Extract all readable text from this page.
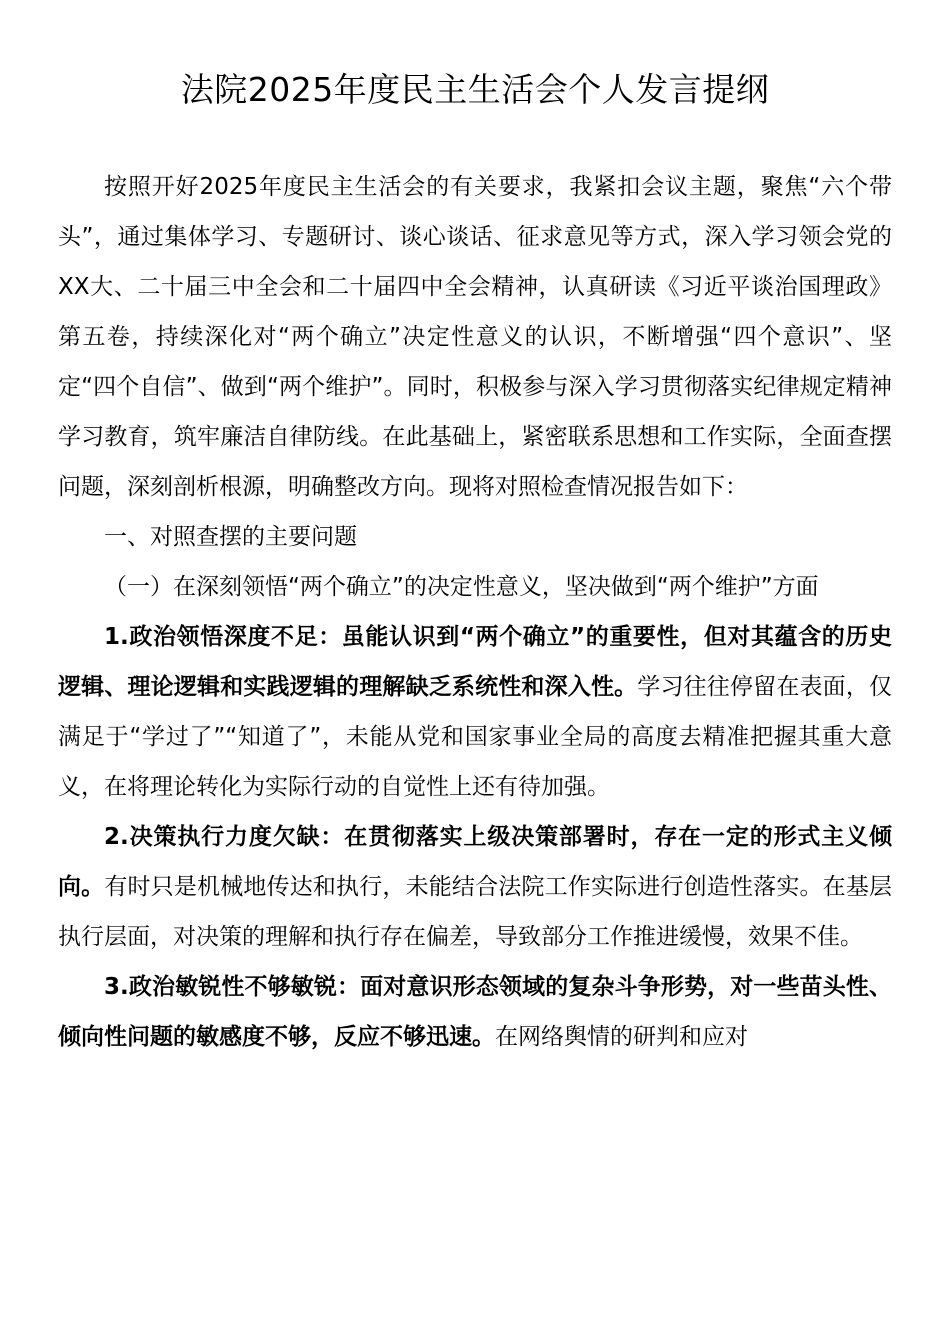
法院2025年度民主生活会个人发言提纲

按照开好2025年度民主生活会的有关要求，我紧扣会议主题，聚焦“六个带头”，通过集体学习、专题研讨、谈心谈话、征求意见等方式，深入学习领会党的XX大、二十届三中全会和二十届四中全会精神，认真研读《习近平谈治国理政》第五卷，持续深化对“两个确立”决定性意义的认识，不断增强“四个意识”、坚定“四个自信”、做到“两个维护”。同时，积极参与深入学习贯彻落实纪律规定精神学习教育，筑牢廉洁自律防线。在此基础上，紧密联系思想和工作实际，全面查摆问题，深刻剖析根源，明确整改方向。现将对照检查情况报告如下：

一、对照查摆的主要问题

（一）在深刻领悟“两个确立”的决定性意义，坚决做到“两个维护”方面

1.政治领悟深度不足：虽能认识到“两个确立”的重要性，但对其蕴含的历史逻辑、理论逻辑和实践逻辑的理解缺乏系统性和深入性。学习往往停留在表面，仅满足于“学过了”“知道了”，未能从党和国家事业全局的高度去精准把握其重大意义，在将理论转化为实际行动的自觉性上还有待加强。

2.决策执行力度欠缺：在贯彻落实上级决策部署时，存在一定的形式主义倾向。有时只是机械地传达和执行，未能结合法院工作实际进行创造性落实。在基层执行层面，对决策的理解和执行存在偏差，导致部分工作推进缓慢，效果不佳。

3.政治敏锐性不够敏锐：面对意识形态领域的复杂斗争形势，对一些苗头性、倾向性问题的敏感度不够，反应不够迅速。在网络舆情的研判和应对
